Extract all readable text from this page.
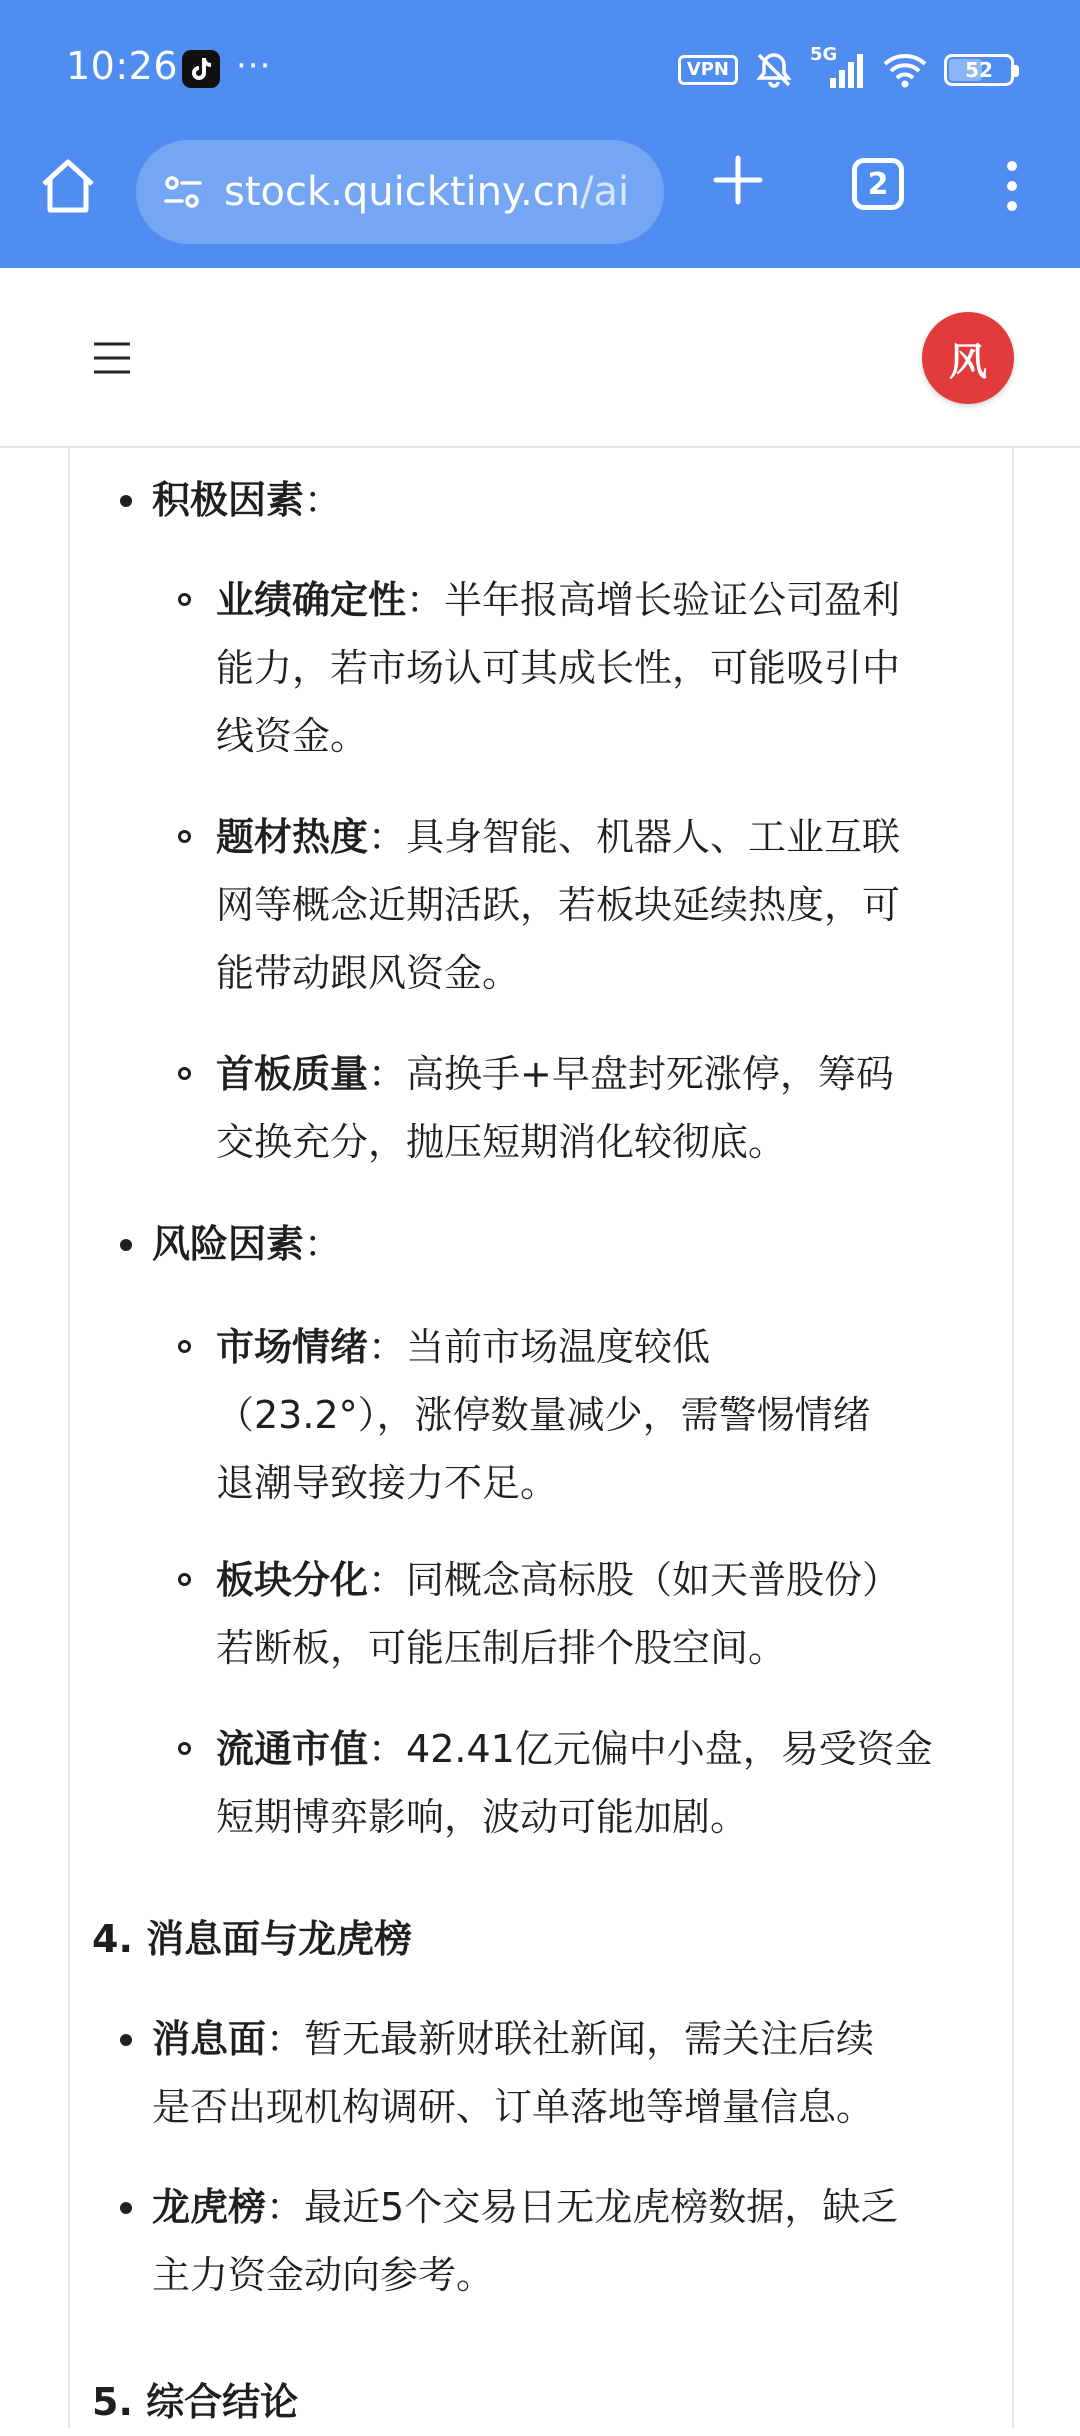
10:26 ···	VPN
5G
52
stock.quicktiny.cn/ai	2
风
积极因素：
业绩确定性：半年报高增长验证公司盈利
能力，若市场认可其成长性，可能吸引中
线资金。
题材热度：具身智能、机器人、工业互联
网等概念近期活跃，若板块延续热度，可
能带动跟风资金。
首板质量：高换手+早盘封死涨停，筹码
交换充分，抛压短期消化较彻底。
风险因素：
市场情绪：当前市场温度较低
（23.2°），涨停数量减少，需警惕情绪
退潮导致接力不足。
板块分化：同概念高标股（如天普股份）
若断板，可能压制后排个股空间。
流通市值：42.41亿元偏中小盘，易受资金
短期博弈影响，波动可能加剧。
4. 消息面与龙虎榜
消息面：暂无最新财联社新闻，需关注后续
是否出现机构调研、订单落地等增量信息。
龙虎榜：最近5个交易日无龙虎榜数据，缺乏
主力资金动向参考。
5. 综合结论
